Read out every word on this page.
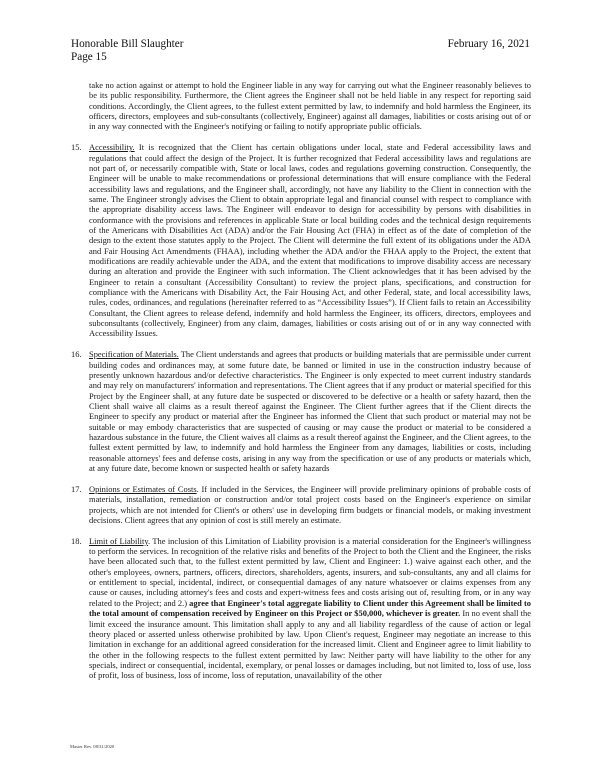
Honorable Bill Slaughter	February 16, 2021
Page 15

take no action against or attempt to hold the Engineer liable in any way for carrying out what the Engineer reasonably believes to be its public responsibility. Furthermore, the Client agrees the Engineer shall not be held liable in any respect for reporting said conditions. Accordingly, the Client agrees, to the fullest extent permitted by law, to indemnify and hold harmless the Engineer, its officers, directors, employees and sub-consultants (collectively, Engineer) against all damages, liabilities or costs arising out of or in any way connected with the Engineer's notifying or failing to notify appropriate public officials.

15. Accessibility. It is recognized that the Client has certain obligations under local, state and Federal accessibility laws and regulations that could affect the design of the Project. It is further recognized that Federal accessibility laws and regulations are not part of, or necessarily compatible with, State or local laws, codes and regulations governing construction. Consequently, the Engineer will be unable to make recommendations or professional determinations that will ensure compliance with the Federal accessibility laws and regulations, and the Engineer shall, accordingly, not have any liability to the Client in connection with the same. The Engineer strongly advises the Client to obtain appropriate legal and financial counsel with respect to compliance with the appropriate disability access laws. The Engineer will endeavor to design for accessibility by persons with disabilities in conformance with the provisions and references in applicable State or local building codes and the technical design requirements of the Americans with Disabilities Act (ADA) and/or the Fair Housing Act (FHA) in effect as of the date of completion of the design to the extent those statutes apply to the Project. The Client will determine the full extent of its obligations under the ADA and Fair Housing Act Amendments (FHAA), including whether the ADA and/or the FHAA apply to the Project, the extent that modifications are readily achievable under the ADA, and the extent that modifications to improve disability access are necessary during an alteration and provide the Engineer with such information. The Client acknowledges that it has been advised by the Engineer to retain a consultant (Accessibility Consultant) to review the project plans, specifications, and construction for compliance with the Americans with Disability Act, the Fair Housing Act, and other Federal, state, and local accessibility laws, rules, codes, ordinances, and regulations (hereinafter referred to as “Accessibility Issues”). If Client fails to retain an Accessibility Consultant, the Client agrees to release defend, indemnify and hold harmless the Engineer, its officers, directors, employees and subconsultants (collectively, Engineer) from any claim, damages, liabilities or costs arising out of or in any way connected with Accessibility Issues.
16. Specification of Materials. The Client understands and agrees that products or building materials that are permissible under current building codes and ordinances may, at some future date, be banned or limited in use in the construction industry because of presently unknown hazardous and/or defective characteristics. The Engineer is only expected to meet current industry standards and may rely on manufacturers' information and representations. The Client agrees that if any product or material specified for this Project by the Engineer shall, at any future date be suspected or discovered to be defective or a health or safety hazard, then the Client shall waive all claims as a result thereof against the Engineer. The Client further agrees that if the Client directs the Engineer to specify any product or material after the Engineer has informed the Client that such product or material may not be suitable or may embody characteristics that are suspected of causing or may cause the product or material to be considered a hazardous substance in the future, the Client waives all claims as a result thereof against the Engineer, and the Client agrees, to the fullest extent permitted by law, to indemnify and hold harmless the Engineer from any damages, liabilities or costs, including reasonable attorneys' fees and defense costs, arising in any way from the specification or use of any products or materials which, at any future date, become known or suspected health or safety hazards
17. Opinions or Estimates of Costs. If included in the Services, the Engineer will provide preliminary opinions of probable costs of materials, installation, remediation or construction and/or total project costs based on the Engineer's experience on similar projects, which are not intended for Client's or others' use in developing firm budgets or financial models, or making investment decisions. Client agrees that any opinion of cost is still merely an estimate.
18. Limit of Liability. The inclusion of this Limitation of Liability provision is a material consideration for the Engineer's willingness to perform the services. In recognition of the relative risks and benefits of the Project to both the Client and the Engineer, the risks have been allocated such that, to the fullest extent permitted by law, Client and Engineer: 1.) waive against each other, and the other's employees, owners, partners, officers, directors, shareholders, agents, insurers, and sub-consultants, any and all claims for or entitlement to special, incidental, indirect, or consequential damages of any nature whatsoever or claims expenses from any cause or causes, including attorney's fees and costs and expert-witness fees and costs arising out of, resulting from, or in any way related to the Project; and 2.) agree that Engineer's total aggregate liability to Client under this Agreement shall be limited to the total amount of compensation received by Engineer on this Project or $50,000, whichever is greater. In no event shall the limit exceed the insurance amount. This limitation shall apply to any and all liability regardless of the cause of action or legal theory placed or asserted unless otherwise prohibited by law. Upon Client's request, Engineer may negotiate an increase to this limitation in exchange for an additional agreed consideration for the increased limit. Client and Engineer agree to limit liability to the other in the following respects to the fullest extent permitted by law: Neither party will have liability to the other for any specials, indirect or consequential, incidental, exemplary, or penal losses or damages including, but not limited to, loss of use, loss of profit, loss of business, loss of income, loss of reputation, unavailability of the other
Master Rev. 08/31/2020
